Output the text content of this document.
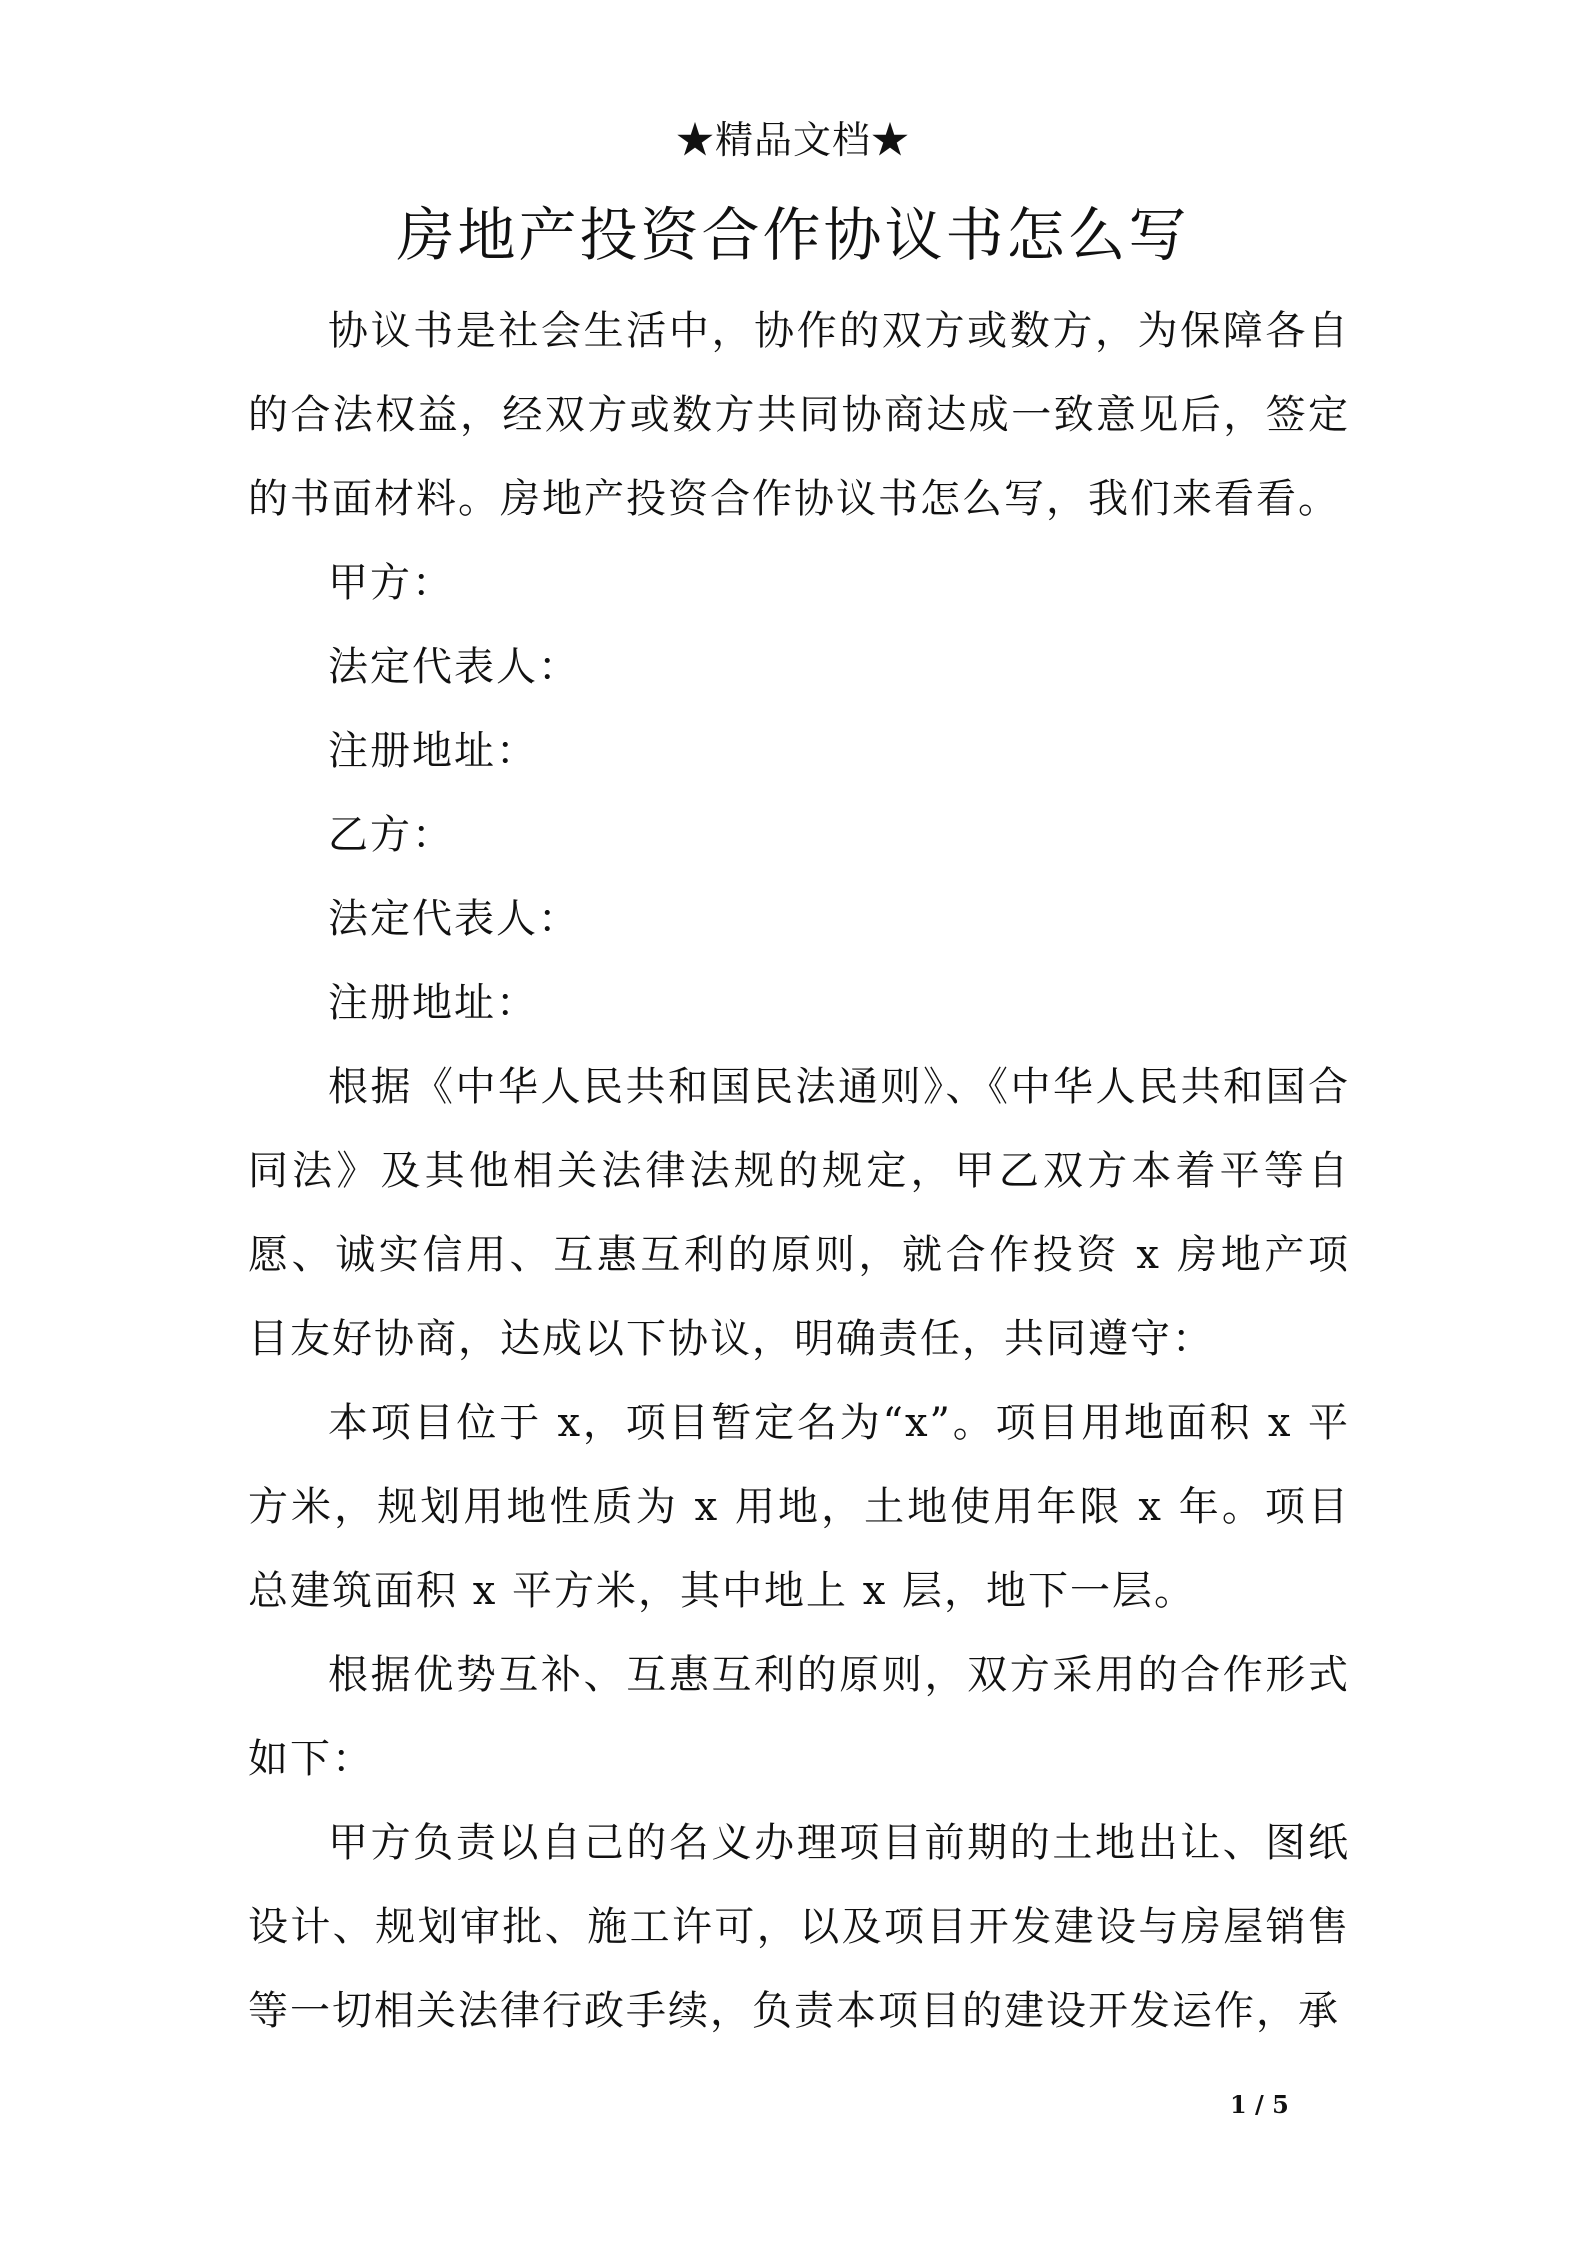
★精品文档★
房地产投资合作协议书怎么写

协议书是社会生活中，协作的双方或数方，为保障各自的合法权益，经双方或数方共同协商达成一致意见后，签定的书面材料。房地产投资合作协议书怎么写，我们来看看。

甲方：

法定代表人：

注册地址：

乙方：

法定代表人：

注册地址：

根据《中华人民共和国民法通则》、《中华人民共和国合同法》及其他相关法律法规的规定，甲乙双方本着平等自愿、诚实信用、互惠互利的原则，就合作投资 x 房地产项目友好协商，达成以下协议，明确责任，共同遵守：

本项目位于 x，项目暂定名为“x”。项目用地面积 x 平方米，规划用地性质为 x 用地，土地使用年限 x 年。项目总建筑面积 x 平方米，其中地上 x 层，地下一层。

根据优势互补、互惠互利的原则，双方采用的合作形式如下：

甲方负责以自己的名义办理项目前期的土地出让、图纸设计、规划审批、施工许可，以及项目开发建设与房屋销售等一切相关法律行政手续，负责本项目的建设开发运作，承

1 / 5
